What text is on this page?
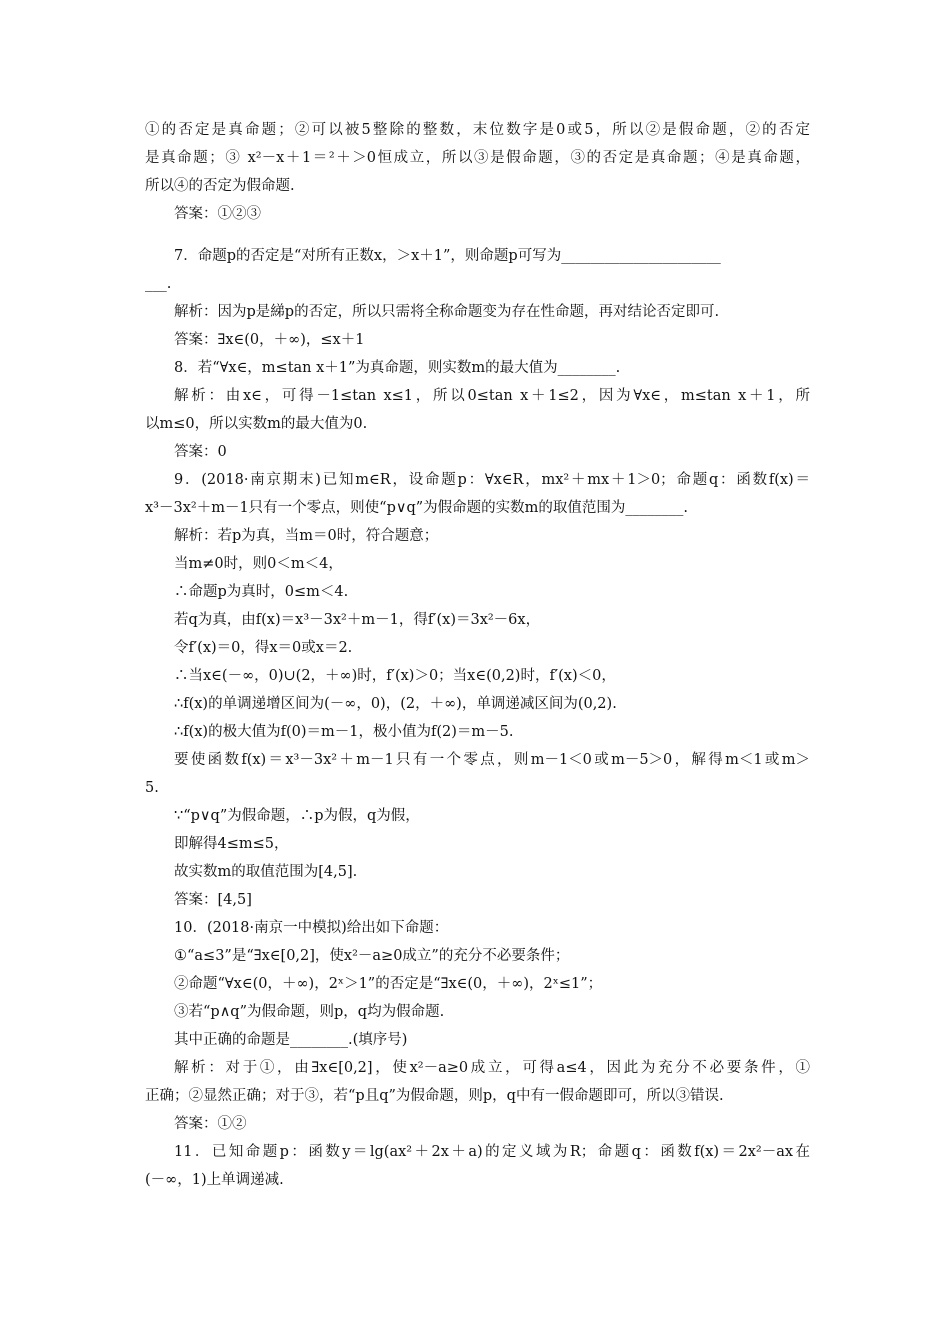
①的否定是真命题；②可以被5整除的整数，末位数字是0或5，所以②是假命题，②的否定
是真命题；③ x²－x＋1＝²＋＞0恒成立，所以③是假命题，③的否定是真命题；④是真命题，
所以④的否定为假命题.
答案：①②③
7．命题p的否定是“对所有正数x，＞x＋1”，则命题p可写为______________________
___.
解析：因为p是綈p的否定，所以只需将全称命题变为存在性命题，再对结论否定即可.
答案：∃x∈(0，＋∞)，≤x＋1
8．若“∀x∈，m≤tan x＋1”为真命题，则实数m的最大值为________.
解析：由x∈，可得－1≤tan x≤1，所以0≤tan x＋1≤2，因为∀x∈，m≤tan x＋1，所
以m≤0，所以实数m的最大值为0.
答案：0
9．(2018·南京期末)已知m∈R，设命题p：∀x∈R，mx²＋mx＋1＞0；命题q：函数f(x)＝
x³－3x²＋m－1只有一个零点，则使“p∨q”为假命题的实数m的取值范围为________.
解析：若p为真，当m＝0时，符合题意；
当m≠0时，则0＜m＜4，
∴命题p为真时，0≤m＜4.
若q为真，由f(x)＝x³－3x²＋m－1，得f′(x)＝3x²－6x，
令f′(x)＝0，得x＝0或x＝2.
∴当x∈(－∞，0)∪(2，＋∞)时，f′(x)＞0；当x∈(0,2)时，f′(x)＜0，
∴f(x)的单调递增区间为(－∞，0)，(2，＋∞)，单调递减区间为(0,2).
∴f(x)的极大值为f(0)＝m－1，极小值为f(2)＝m－5.
要使函数f(x)＝x³－3x²＋m－1只有一个零点，则m－1＜0或m－5＞0，解得m＜1或m＞
5.
∵“p∨q”为假命题，∴p为假，q为假，
即解得4≤m≤5，
故实数m的取值范围为[4,5].
答案：[4,5]
10．(2018·南京一中模拟)给出如下命题：
①“a≤3”是“∃x∈[0,2]，使x²－a≥0成立”的充分不必要条件；
②命题“∀x∈(0，＋∞)，2ˣ＞1”的否定是“∃x∈(0，＋∞)，2ˣ≤1”；
③若“p∧q”为假命题，则p，q均为假命题.
其中正确的命题是________.(填序号)
解析：对于①，由∃x∈[0,2]，使x²－a≥0成立，可得a≤4，因此为充分不必要条件，①
正确；②显然正确；对于③，若“p且q”为假命题，则p，q中有一假命题即可，所以③错误.
答案：①②
11．已知命题p：函数y＝lg(ax²＋2x＋a)的定义域为R；命题q：函数f(x)＝2x²－ax在
(－∞，1)上单调递减.
